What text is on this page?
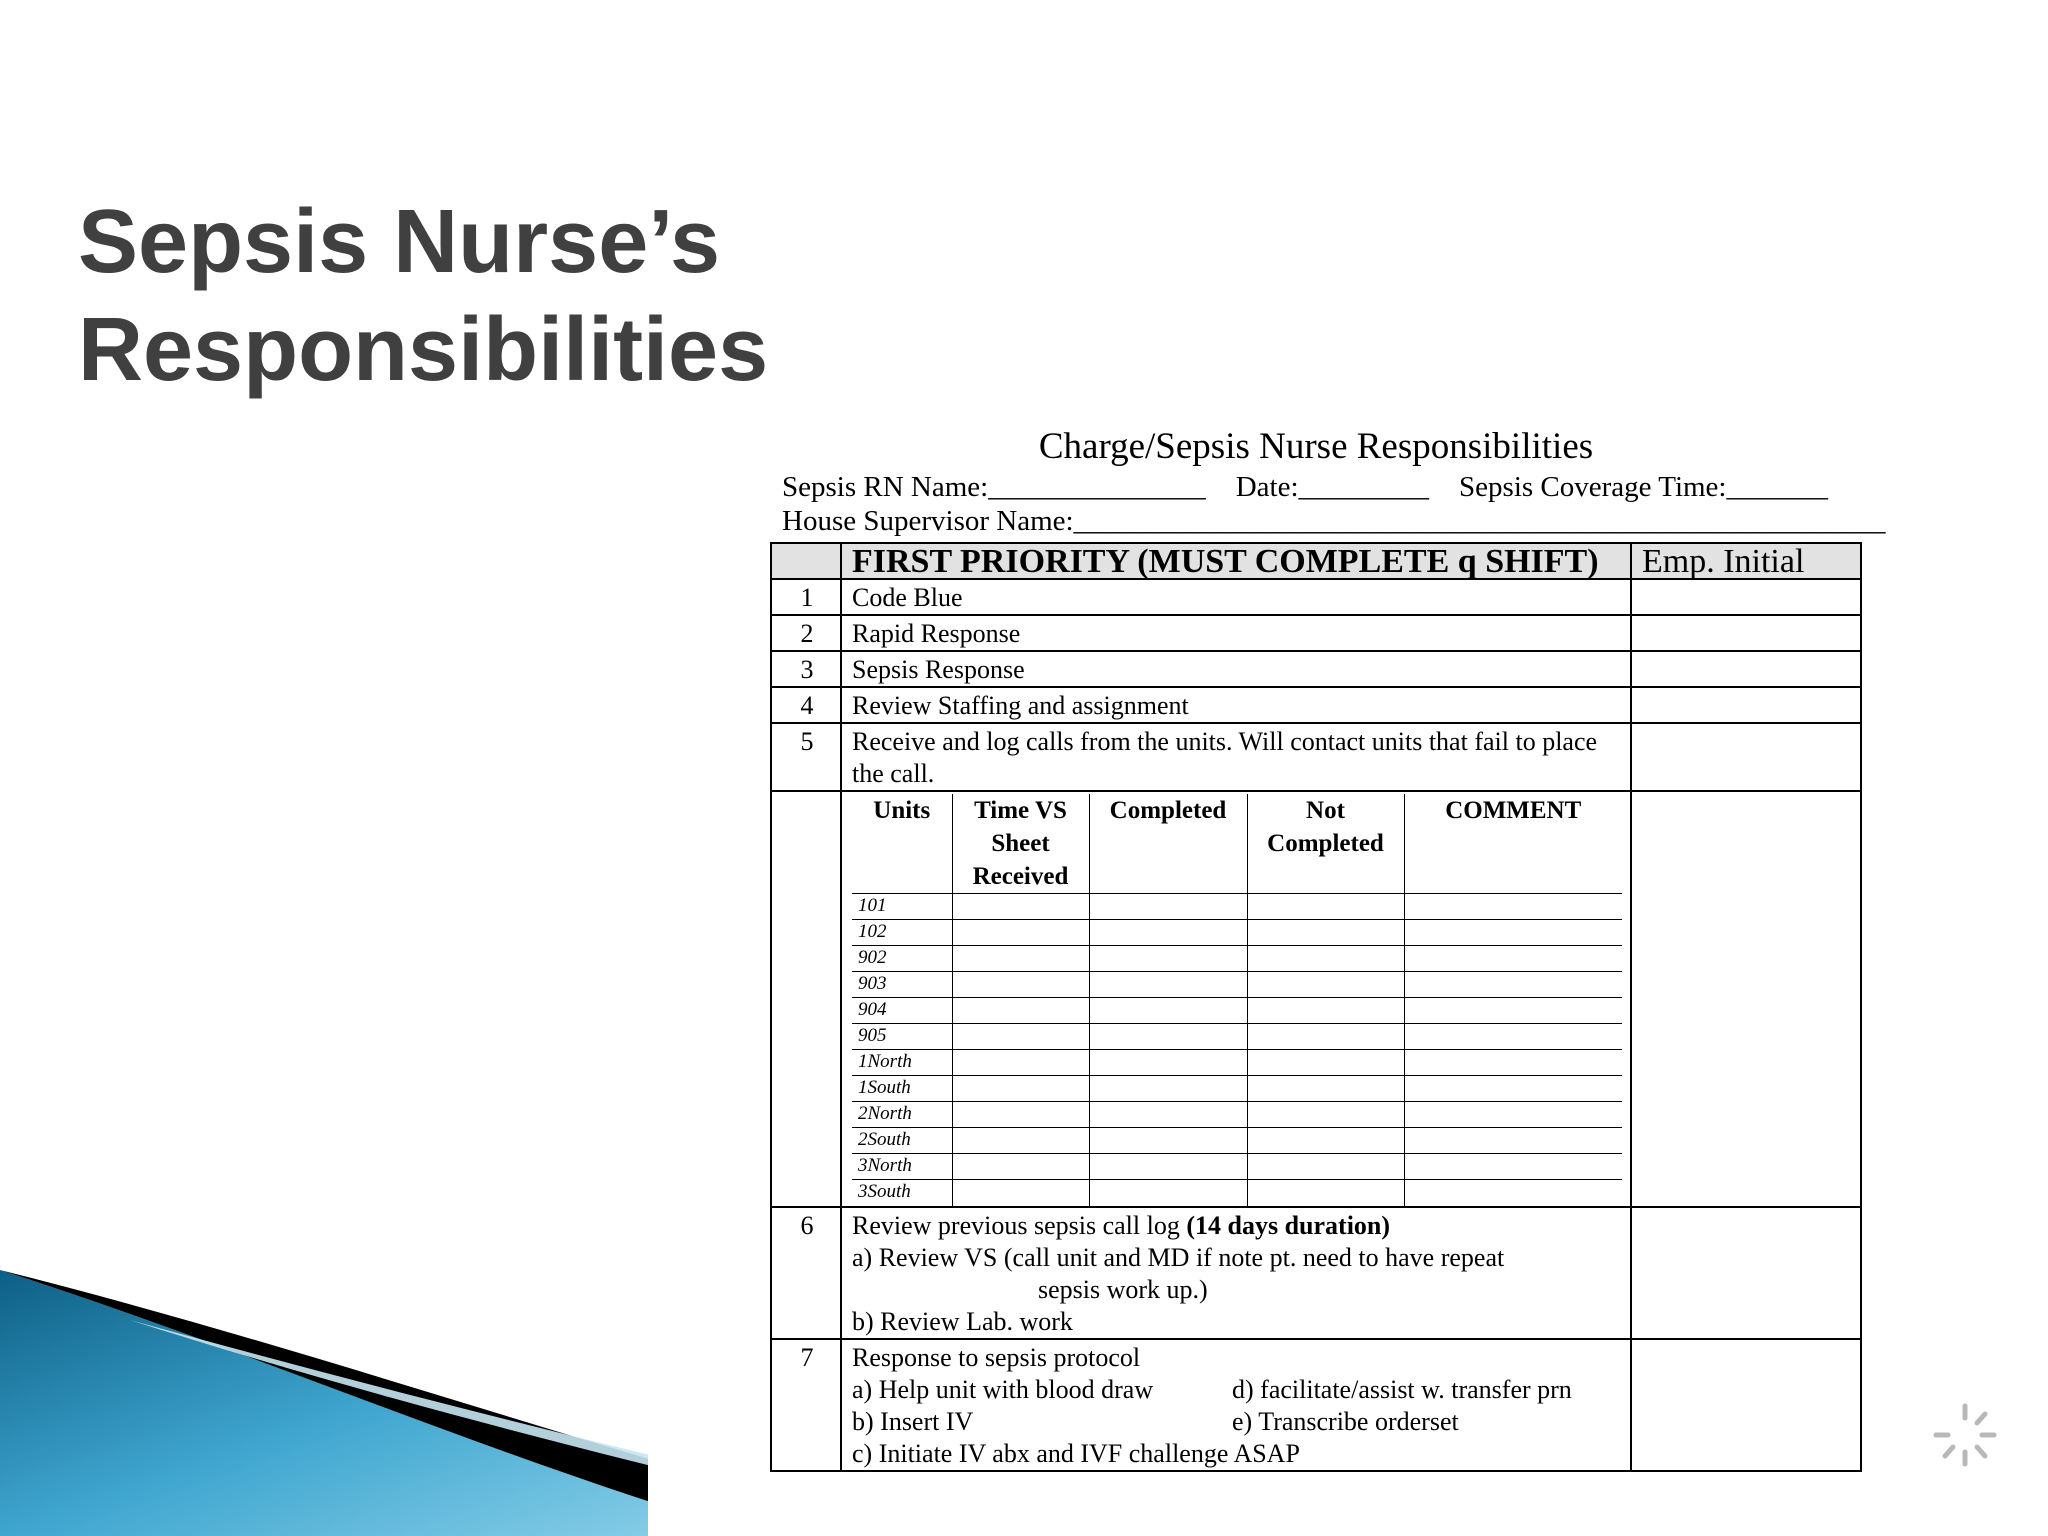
Sepsis Nurse’s
Responsibilities
Charge/Sepsis Nurse Responsibilities
Sepsis RN Name:_______________ Date:_________ Sepsis Coverage Time:_______
House Supervisor Name:________________________________________________________
	FIRST PRIORITY (MUST COMPLETE q SHIFT)	Emp. Initial
1	Code Blue	
2	Rapid Response	
3	Sepsis Response	
4	Review Staffing and assignment	
5	Receive and log calls from the units. Will contact units that fail to place the call.	

Units	Time VS Sheet Received	Completed	Not Completed	COMMENT
101				
102				
902				
903				
904				
905				
1North				
1South				
2North				
2South				
3North				
3South				

6	Review previous sepsis call log (14 days duration)
a) Review VS (call unit and MD if note pt. need to have repeat
sepsis work up.)
b) Review Lab. work

7	Response to sepsis protocol
a) Help unit with blood draw	d) facilitate/assist w. transfer prn
b) Insert IV	e) Transcribe orderset
c) Initiate IV abx and IVF challenge ASAP
